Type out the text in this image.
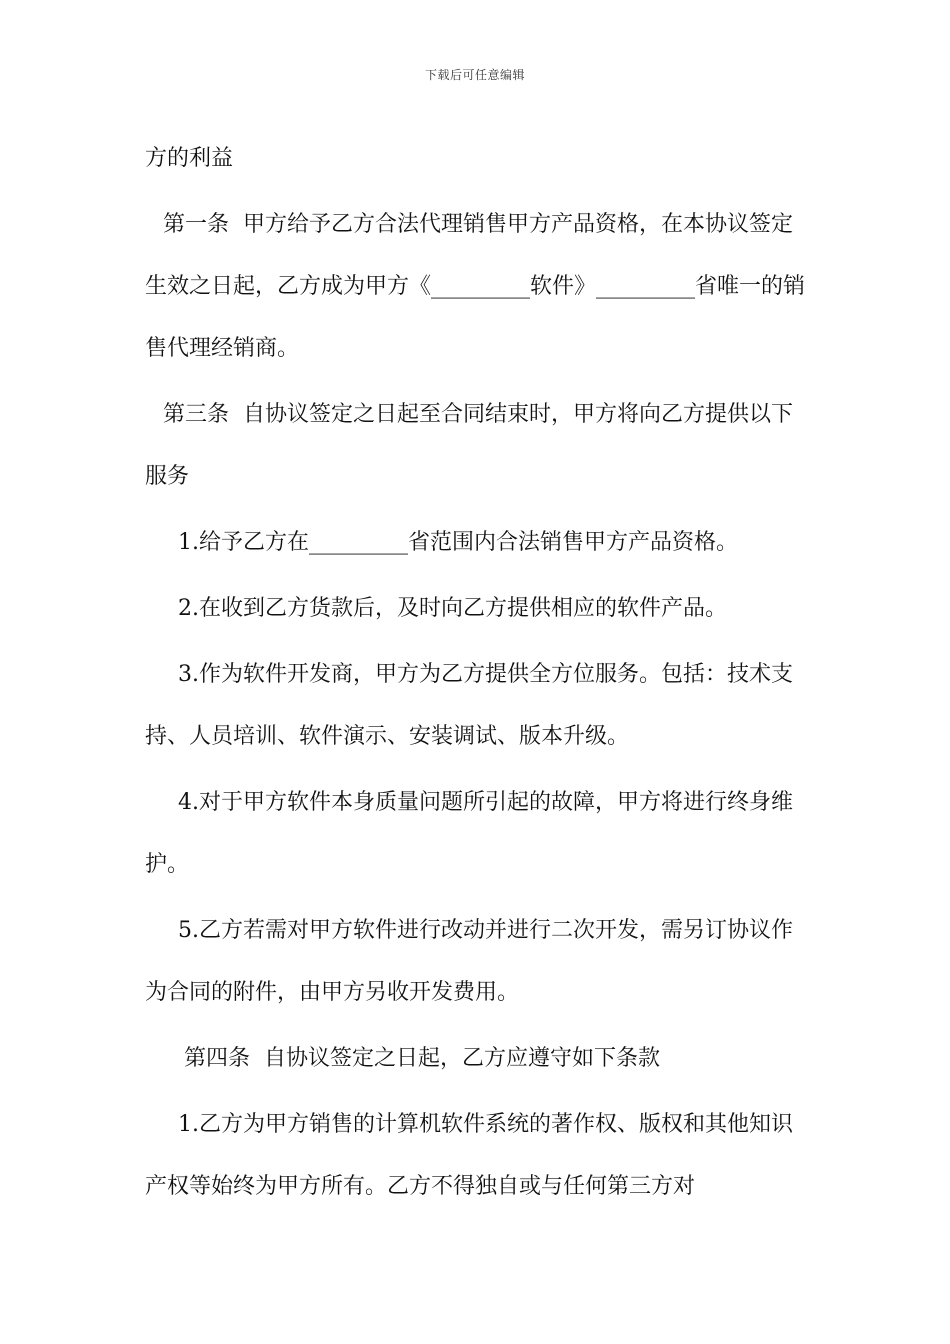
下载后可任意编辑

方的利益

第一条  甲方给予乙方合法代理销售甲方产品资格，在本协议签定生效之日起，乙方成为甲方《_________软件》_________省唯一的销售代理经销商。

第三条  自协议签定之日起至合同结束时，甲方将向乙方提供以下服务

1.给予乙方在_________省范围内合法销售甲方产品资格。

2.在收到乙方货款后，及时向乙方提供相应的软件产品。

3.作为软件开发商，甲方为乙方提供全方位服务。包括：技术支持、人员培训、软件演示、安装调试、版本升级。

4.对于甲方软件本身质量问题所引起的故障，甲方将进行终身维护。

5.乙方若需对甲方软件进行改动并进行二次开发，需另订协议作为合同的附件，由甲方另收开发费用。

第四条  自协议签定之日起，乙方应遵守如下条款

1.乙方为甲方销售的计算机软件系统的著作权、版权和其他知识产权等始终为甲方所有。乙方不得独自或与任何第三方对
